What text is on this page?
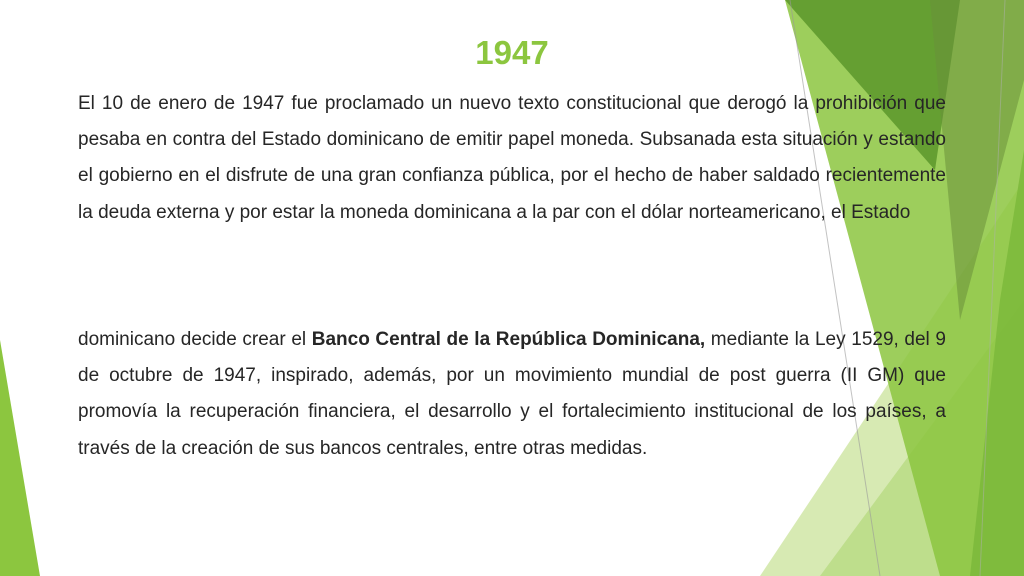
1947
El 10 de enero de 1947 fue proclamado un nuevo texto constitucional que derogó la prohibición que pesaba en contra del Estado dominicano de emitir papel moneda. Subsanada esta situación y estando el gobierno en el disfrute de una gran confianza pública, por el hecho de haber saldado recientemente la deuda externa y por estar la moneda dominicana a la par con el dólar norteamericano, el Estado
dominicano decide crear el Banco Central de la República Dominicana, mediante la Ley 1529, del 9 de octubre de 1947, inspirado, además, por un movimiento mundial de post guerra (II GM) que promovía la recuperación financiera, el desarrollo y el fortalecimiento institucional de los países, a través de la creación de sus bancos centrales, entre otras medidas.
